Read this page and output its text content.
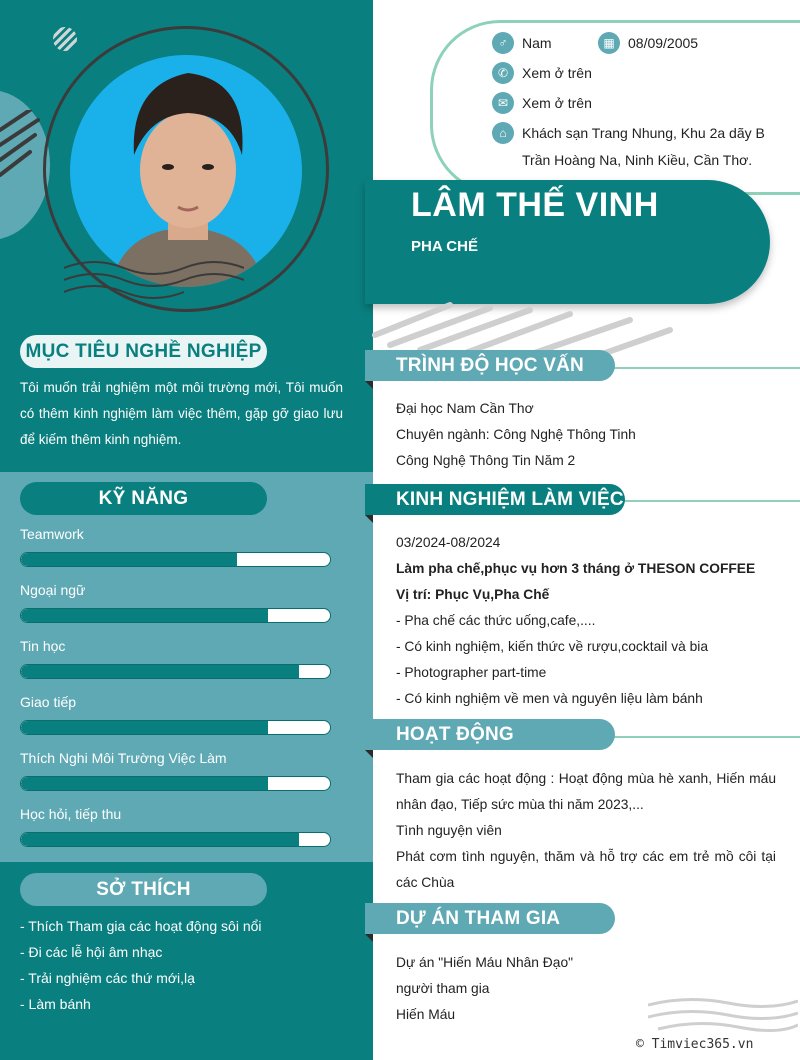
MỤC TIÊU NGHỀ NGHIỆP
Tôi muốn trải nghiệm một môi trường mới, Tôi muốn có thêm kinh nghiệm làm việc thêm, gặp gỡ giao lưu để kiếm thêm kinh nghiệm.
KỸ NĂNG
Teamwork
Ngoại ngữ
Tin học
Giao tiếp
Thích Nghi Môi Trường Việc Làm
Học hỏi, tiếp thu
SỞ THÍCH
- Thích Tham gia các hoạt động sôi nổi
- Đi các lễ hội âm nhạc
- Trải nghiệm các thứ mới,lạ
- Làm bánh
♂	Nam	▦ 08/09/2005
✆ Xem ở trên
✉ Xem ở trên
⌂	Khách sạn Trang Nhung, Khu 2a dãy B
Trần Hoàng Na, Ninh Kiều, Cần Thơ.
LÂM THẾ VINH
PHA CHẾ
TRÌNH ĐỘ HỌC VẤN
Đại học Nam Cần Thơ
Chuyên ngành: Công Nghệ Thông Tinh
Công Nghệ Thông Tin Năm 2
KINH NGHIỆM LÀM VIỆC
03/2024-08/2024
Làm pha chế,phục vụ hơn 3 tháng ở THESON COFFEE
Vị trí: Phục Vụ,Pha Chế
- Pha chế các thức uống,cafe,....
- Có kinh nghiệm, kiến thức về rượu,cocktail và bia
- Photographer part-time
- Có kinh nghiệm về men và nguyên liệu làm bánh
HOẠT ĐỘNG
Tham gia các hoạt động : Hoạt động mùa hè xanh, Hiến máu nhân đạo, Tiếp sức mùa thi năm 2023,...
Tình nguyện viên
Phát cơm tình nguyện, thăm và hỗ trợ các em trẻ mồ côi tại các Chùa
DỰ ÁN THAM GIA
Dự án "Hiến Máu Nhân Đạo"
người tham gia
Hiến Máu
© Timviec365.vn
